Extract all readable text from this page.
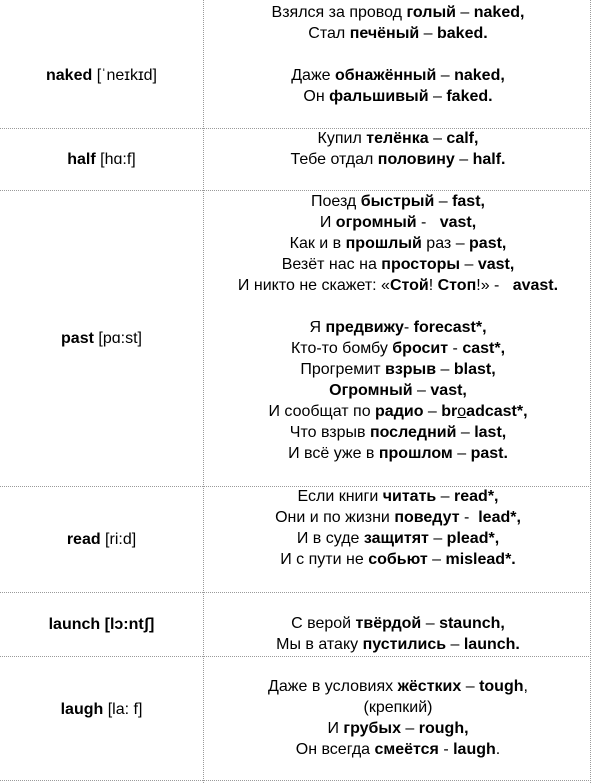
naked [ˈneɪkɪd]
Взялся за провод голый – naked,
Стал печёный – baked.
Даже обнажённый – naked,
Он фальшивый – faked.
half [hɑ:f]
Купил телёнка – calf,
Тебе отдал половину – half.
past [pɑ:st]
Поезд быстрый – fast,
И огромный -   vast,
Как и в прошлый раз – past,
Везёт нас на просторы – vast,
И никто не скажет: «Стой! Стоп!» -   avast.
Я предвижу- forecast*,
Кто-то бомбу бросит - cast*,
Прогремит взрыв – blast,
Огромный – vast,
И сообщат по радио – broadcast*,
Что взрыв последний – last,
И всё уже в прошлом – past.
read [ri:d]
Если книги читать – read*,
Они и по жизни поведут -  lead*,
И в суде защитят – plead*,
И с пути не собьют – mislead*.
launch [lɔ:ntʃ]	С верой твёрдой – staunch,
Мы в атаку пустились – launch.
laugh [la: f]
Даже в условиях жёстких – tough,
(крепкий)
И грубых – rough,
Он всегда смеётся - laugh.
